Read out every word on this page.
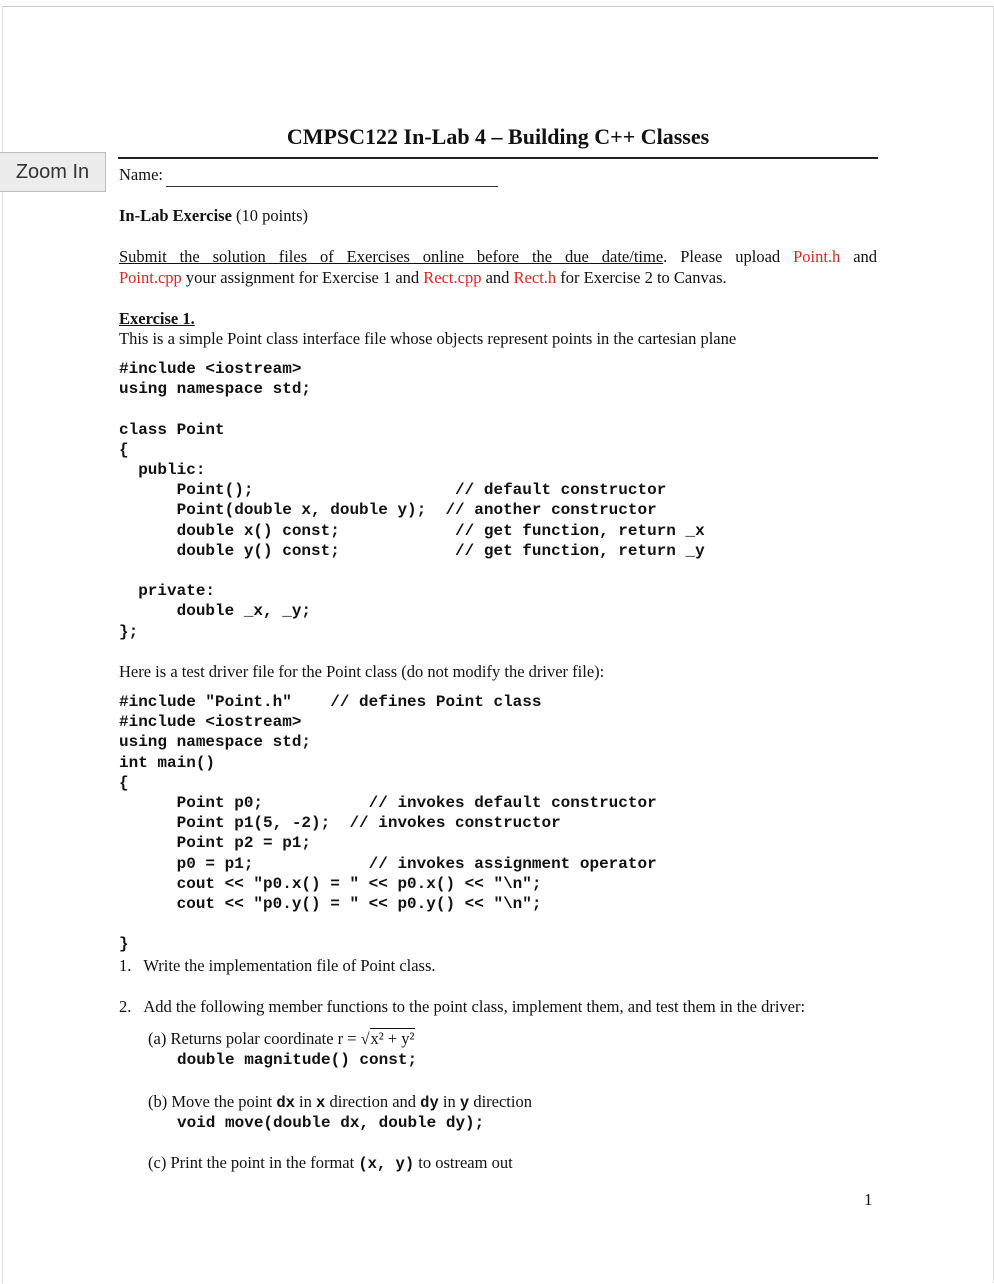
Zoom In
CMPSC122 In-Lab 4 – Building C++ Classes
Name:
In-Lab Exercise (10 points)
Submit the solution files of Exercises online before the due date/time. Please upload Point.h and
Point.cpp your assignment for Exercise 1 and Rect.cpp and Rect.h for Exercise 2 to Canvas.
Exercise 1.
This is a simple Point class interface file whose objects represent points in the cartesian plane
#include <iostream>
using namespace std;

class Point
{
public:
Point();                     // default constructor
Point(double x, double y);  // another constructor
double x() const;            // get function, return _x
double y() const;            // get function, return _y

private:
double _x, _y;
};
Here is a test driver file for the Point class (do not modify the driver file):
#include "Point.h"    // defines Point class
#include <iostream>
using namespace std;
int main()
{
Point p0;           // invokes default constructor
Point p1(5, -2);  // invokes constructor
Point p2 = p1;
p0 = p1;            // invokes assignment operator
cout << "p0.x() = " << p0.x() << "\n";
cout << "p0.y() = " << p0.y() << "\n";

}
1. Write the implementation file of Point class.
2. Add the following member functions to the point class, implement them, and test them in the driver:
(a) Returns polar coordinate r = √x² + y²
double magnitude() const;
(b) Move the point dx in x direction and dy in y direction
void move(double dx, double dy);
(c) Print the point in the format (x, y) to ostream out
1
